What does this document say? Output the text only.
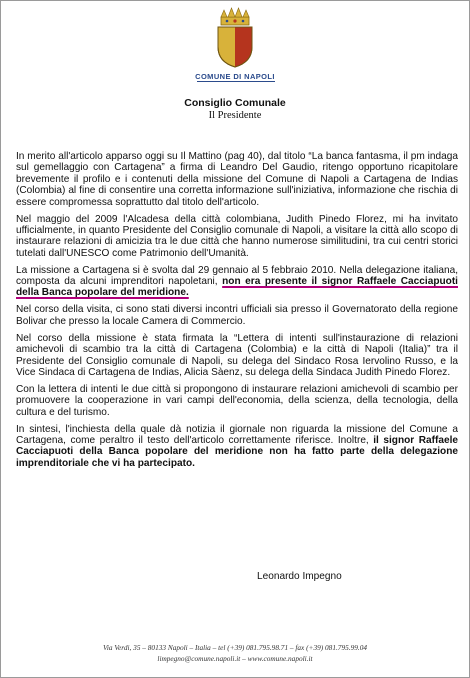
COMUNE DI NAPOLI
Consiglio Comunale
Il Presidente

In merito all'articolo apparso oggi su Il Mattino (pag 40), dal titolo “La banca fantasma, il pm indaga sul gemellaggio con Cartagena” a firma di Leandro Del Gaudio, ritengo opportuno ricapitolare brevemente il profilo e i contenuti della missione del Comune di Napoli a Cartagena de Indias (Colombia) al fine di consentire una corretta informazione sull'iniziativa, informazione che rischia di essere compromessa soprattutto dal titolo dell'articolo.

Nel maggio del 2009 l'Alcadesa della città colombiana, Judith Pinedo Florez, mi ha invitato ufficialmente, in quanto Presidente del Consiglio comunale di Napoli, a visitare la città allo scopo di instaurare relazioni di amicizia tra le due città che hanno numerose similitudini, tra cui centri storici tutelati dall'UNESCO come Patrimonio dell'Umanità.

La missione a Cartagena si è svolta dal 29 gennaio al 5 febbraio 2010. Nella delegazione italiana, composta da alcuni imprenditori napoletani, non era presente il signor Raffaele Cacciapuoti della Banca popolare del meridione.

Nel corso della visita, ci sono stati diversi incontri ufficiali sia presso il Governatorato della regione Bolivar che presso la locale Camera di Commercio.

Nel corso della missione è stata firmata la “Lettera di intenti sull'instaurazione di relazioni amichevoli di scambio tra la città di Cartagena (Colombia) e la città di Napoli (Italia)” tra il Presidente del Consiglio comunale di Napoli, su delega del Sindaco Rosa Iervolino Russo, e la Vice Sindaca di Cartagena de Indias, Alicia Sàenz, su delega della Sindaca Judith Pinedo Florez.

Con la lettera di intenti le due città si propongono di instaurare relazioni amichevoli di scambio per promuovere la cooperazione in vari campi dell'economia, della scienza, della tecnologia, della cultura e del turismo.

In sintesi, l'inchiesta della quale dà notizia il giornale non riguarda la missione del Comune a Cartagena, come peraltro il testo dell'articolo correttamente riferisce. Inoltre, il signor Raffaele Cacciapuoti della Banca popolare del meridione non ha fatto parte della delegazione imprenditoriale che vi ha partecipato.

Leonardo Impegno
Via Verdi, 35 – 80133 Napoli – Italia – tel (+39) 081.795.98.71 – fax (+39) 081.795.99.04
limpegno@comune.napoli.it – www.comune.napoli.it
